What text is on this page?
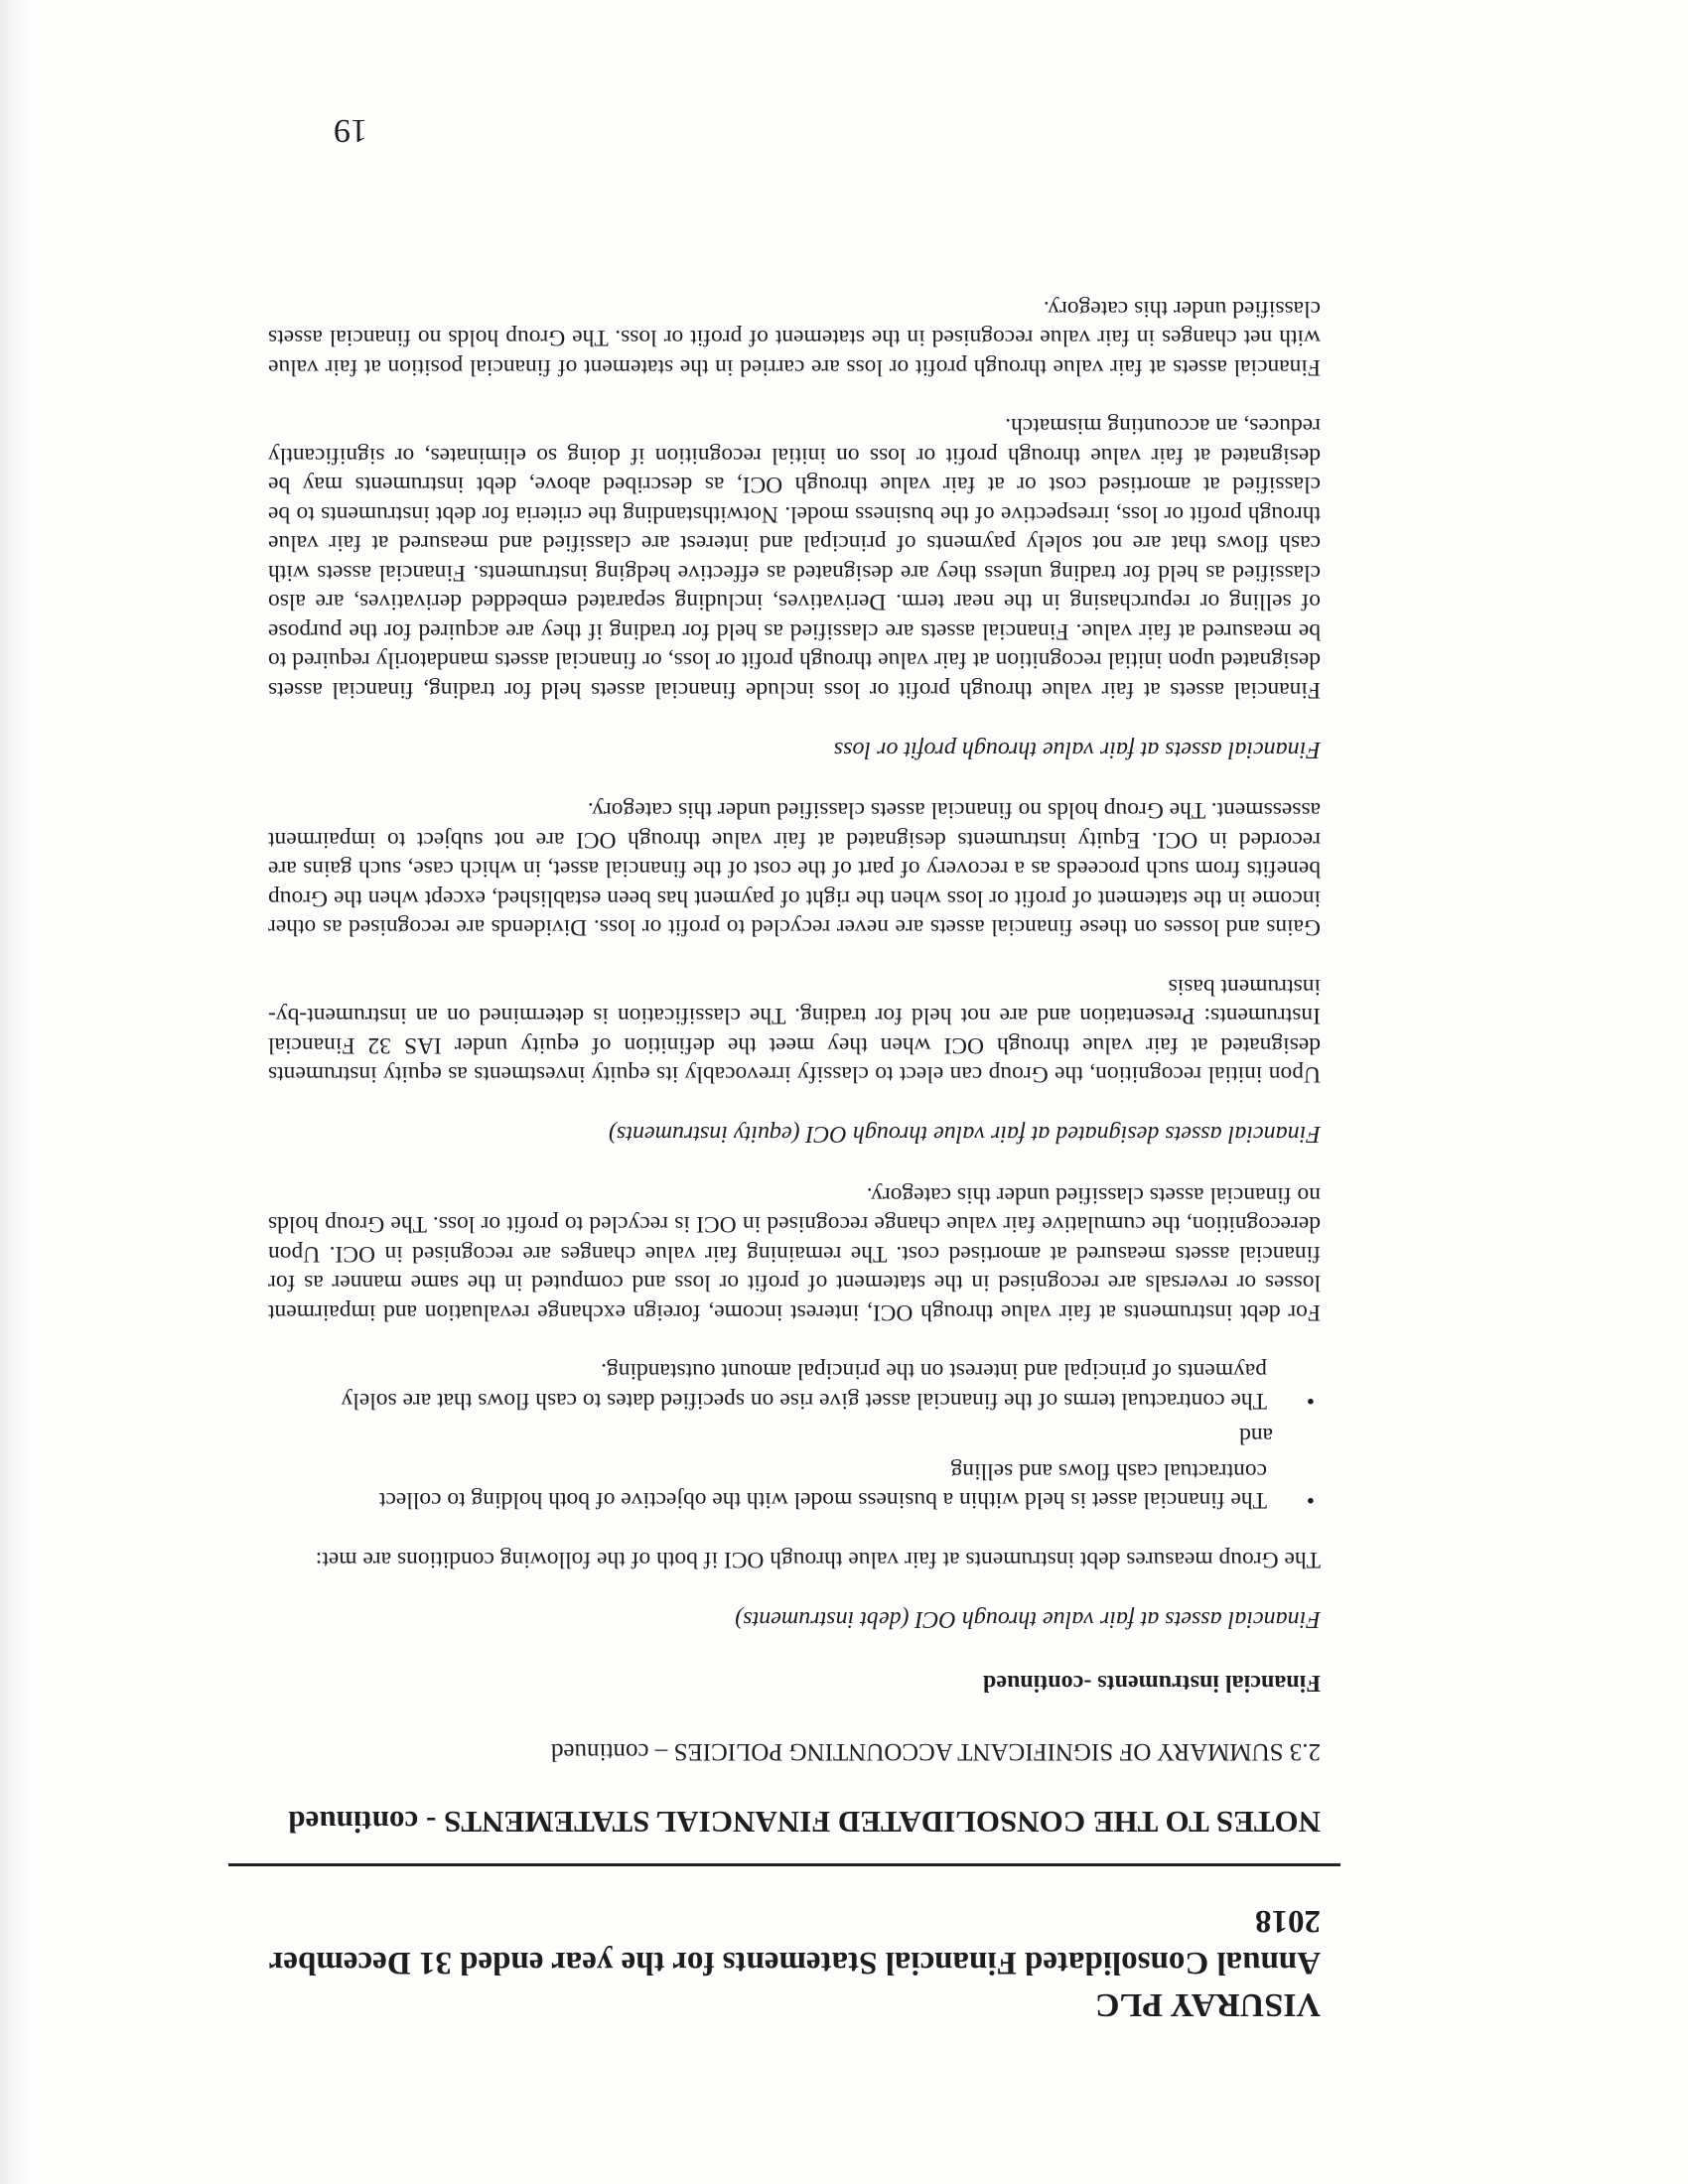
VISURAY PLC

Annual Consolidated Financial Statements for the year ended 31 December 2018

NOTES TO THE CONSOLIDATED FINANCIAL STATEMENTS - continued

2.3 SUMMARY OF SIGNIFICANT ACCOUNTING POLICIES – continued

Financial instruments -continued

Financial assets at fair value through OCI (debt instruments)

The Group measures debt instruments at fair value through OCI if both of the following conditions are met:

•
The financial asset is held within a business model with the objective of both holding to collect contractual cash flows and selling
and
•
The contractual terms of the financial asset give rise on specified dates to cash flows that are solely payments of principal and interest on the principal amount outstanding.

For debt instruments at fair value through OCI, interest income, foreign exchange revaluation and impairment losses or reversals are recognised in the statement of profit or loss and computed in the same manner as for financial assets measured at amortised cost. The remaining fair value changes are recognised in OCI. Upon derecognition, the cumulative fair value change recognised in OCI is recycled to profit or loss. The Group holds no financial assets classified under this category.

Financial assets designated at fair value through OCI (equity instruments)

Upon initial recognition, the Group can elect to classify irrevocably its equity investments as equity instruments designated at fair value through OCI when they meet the definition of equity under IAS 32 Financial Instruments: Presentation and are not held for trading. The classification is determined on an instrument-by-instrument basis

Gains and losses on these financial assets are never recycled to profit or loss. Dividends are recognised as other income in the statement of profit or loss when the right of payment has been established, except when the Group benefits from such proceeds as a recovery of part of the cost of the financial asset, in which case, such gains are recorded in OCI. Equity instruments designated at fair value through OCI are not subject to impairment assessment. The Group holds no financial assets classified under this category.

Financial assets at fair value through profit or loss

Financial assets at fair value through profit or loss include financial assets held for trading, financial assets designated upon initial recognition at fair value through profit or loss, or financial assets mandatorily required to be measured at fair value. Financial assets are classified as held for trading if they are acquired for the purpose of selling or repurchasing in the near term. Derivatives, including separated embedded derivatives, are also classified as held for trading unless they are designated as effective hedging instruments. Financial assets with cash flows that are not solely payments of principal and interest are classified and measured at fair value through profit or loss, irrespective of the business model. Notwithstanding the criteria for debt instruments to be classified at amortised cost or at fair value through OCI, as described above, debt instruments may be designated at fair value through profit or loss on initial recognition if doing so eliminates, or significantly reduces, an accounting mismatch.

Financial assets at fair value through profit or loss are carried in the statement of financial position at fair value with net changes in fair value recognised in the statement of profit or loss. The Group holds no financial assets classified under this category.

19
